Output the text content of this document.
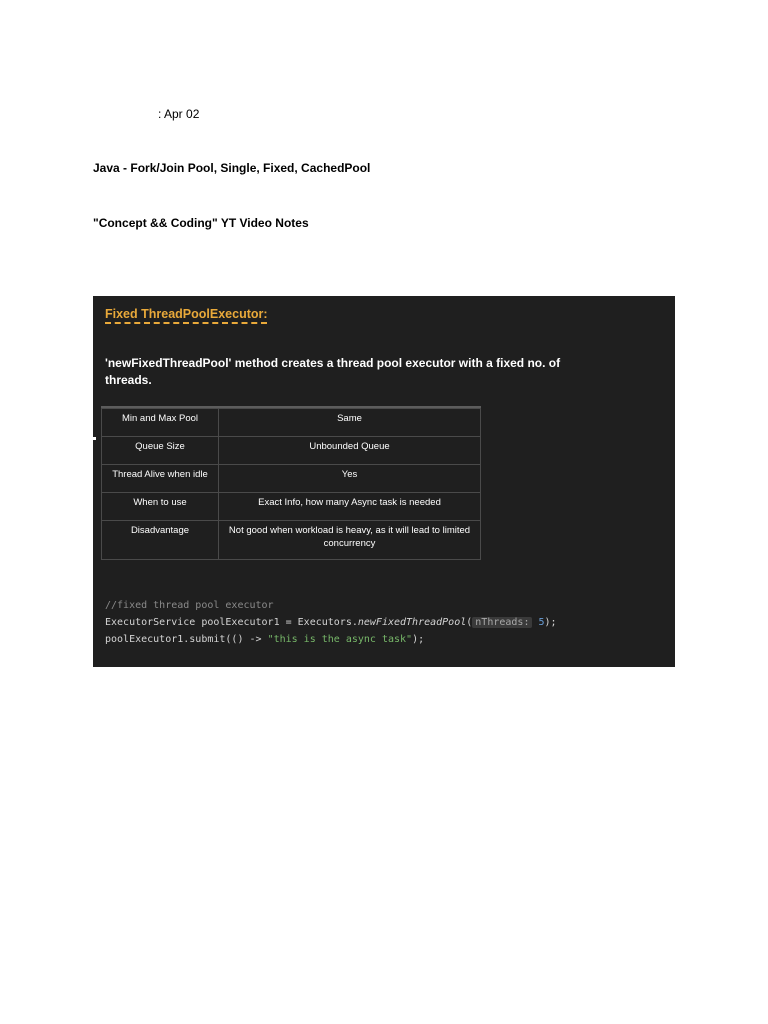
: Apr 02
Java - Fork/Join Pool, Single, Fixed, CachedPool
"Concept && Coding" YT Video Notes
Fixed ThreadPoolExecutor:
'newFixedThreadPool' method creates a thread pool executor with a fixed no. of threads.
Min and Max Pool	Same
Queue Size	Unbounded Queue
Thread Alive when idle	Yes
When to use	Exact Info, how many Async task is needed
Disadvantage	Not good when workload is heavy, as it will lead to limited concurrency
//fixed thread pool executor
ExecutorService poolExecutor1 = Executors.newFixedThreadPool( nThreads: 5);
poolExecutor1.submit(() -> "this is the async task");
